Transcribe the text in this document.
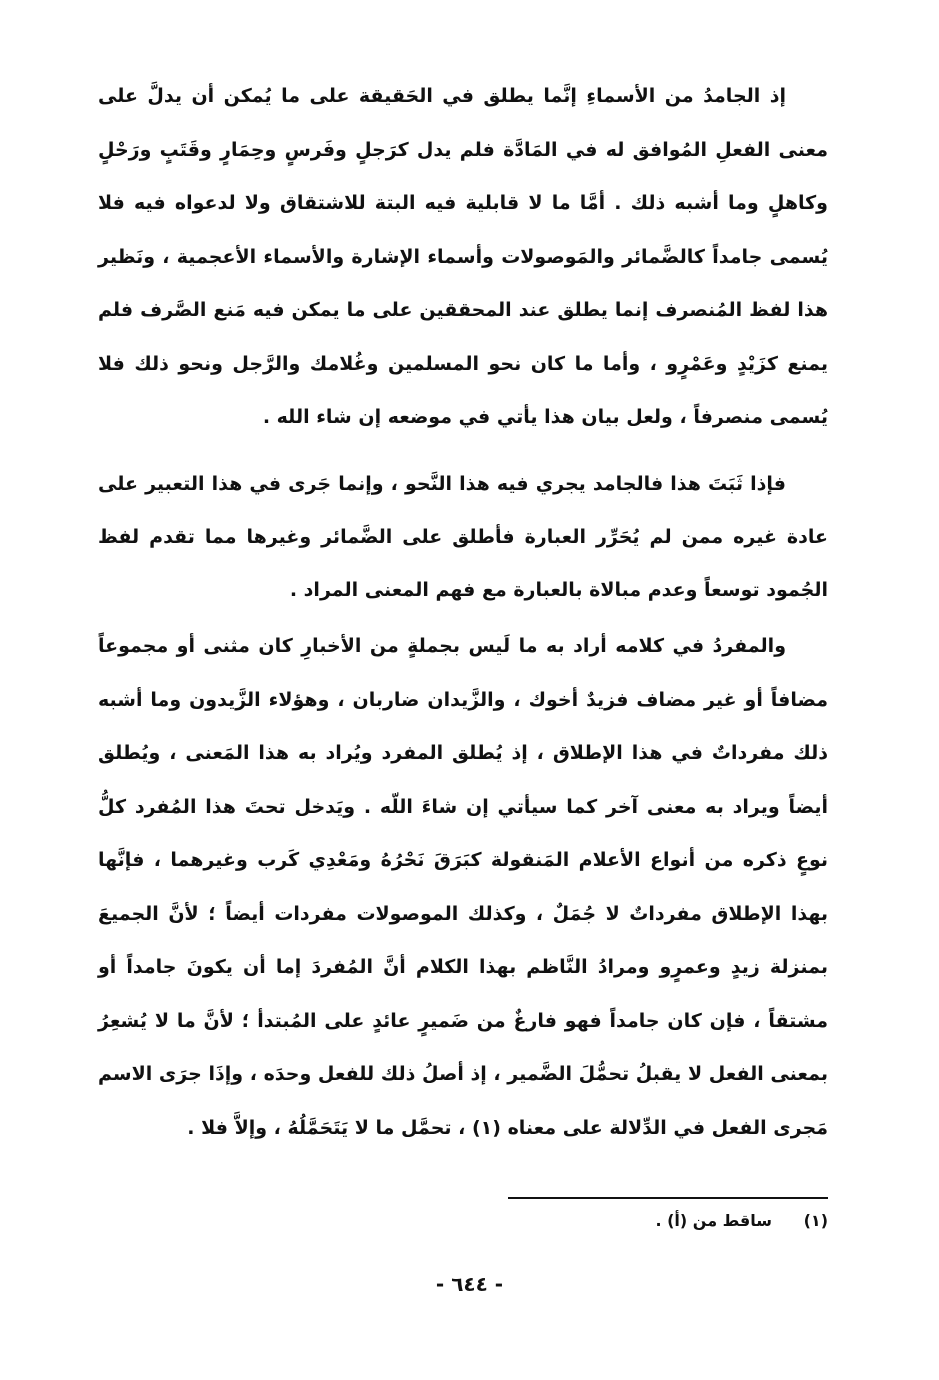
إذ الجامدُ من الأسماءِ إنَّما يطلق في الحَقيقة على ما يُمكن أن يدلَّ على معنى الفعلِ المُوافق له في المَادَّة فلم يدل كرَجلٍ وفَرسٍ وحِمَارٍ وقَتَبٍ ورَحْلٍ وكاهلٍ وما أشبه ذلك . أمَّا ما لا قابلية فيه البتة للاشتقاق ولا لدعواه فيه فلا يُسمى جامداً كالضَّمائر والمَوصولات وأسماء الإشارة والأسماء الأعجمية ، ونَظير هذا لفظ المُنصرف إنما يطلق عند المحققين على ما يمكن فيه مَنع الصَّرف فلم يمنع كزَيْدٍ وعَمْرٍو ، وأما ما كان نحو المسلمين وغُلامك والرَّجل ونحو ذلك فلا يُسمى منصرفاً ، ولعل بيان هذا يأتي في موضعه إن شاء الله .

فإذا ثَبَتَ هذا فالجامد يجري فيه هذا النَّحو ، وإنما جَرى في هذا التعبير على عادة غيره ممن لم يُحَرِّر العبارة فأطلق على الضَّمائر وغيرها مما تقدم لفظ الجُمود توسعاً وعدم مبالاة بالعبارة مع فهم المعنى المراد .

والمفردُ في كلامه أراد به ما لَيس بجملةٍ من الأخبارِ كان مثنى أو مجموعاً مضافاً أو غير مضاف فزيدٌ أخوك ، والزَّيدان ضاربان ، وهؤلاء الزَّيدون وما أشبه ذلك مفرداتٌ في هذا الإطلاق ، إذ يُطلق المفرد ويُراد به هذا المَعنى ، ويُطلق أيضاً ويراد به معنى آخر كما سيأتي إن شاءَ اللّه . ويَدخل تحتَ هذا المُفرد كلُّ نوعٍ ذكره من أنواع الأعلام المَنقولة كبَرَقَ نَحْرُهُ ومَعْدِي كَرب وغيرهما ، فإنَّها بهذا الإطلاق مفرداتٌ لا جُمَلٌ ، وكذلك الموصولات مفردات أيضاً ؛ لأنَّ الجميعَ بمنزلة زيدٍ وعمرٍو ومرادُ النَّاظم بهذا الكلام أنَّ المُفردَ إما أن يكونَ جامداً أو مشتقاً ، فإن كان جامداً فهو فارغٌ من ضَميرٍ عائدٍ على المُبتدأ ؛ لأنَّ ما لا يُشعِرُ بمعنى الفعل لا يقبلُ تحمُّلَ الضَّمير ، إذ أصلُ ذلك للفعل وحدَه ، وإذَا جرَى الاسم مَجرى الفعل في الدِّلالة على معناه (١) ، تحمَّل ما لا يَتَحَمَّلُهُ ، وإلاَّ فلا .

(١) ساقط من (أ) .
- ٦٤٤ -
